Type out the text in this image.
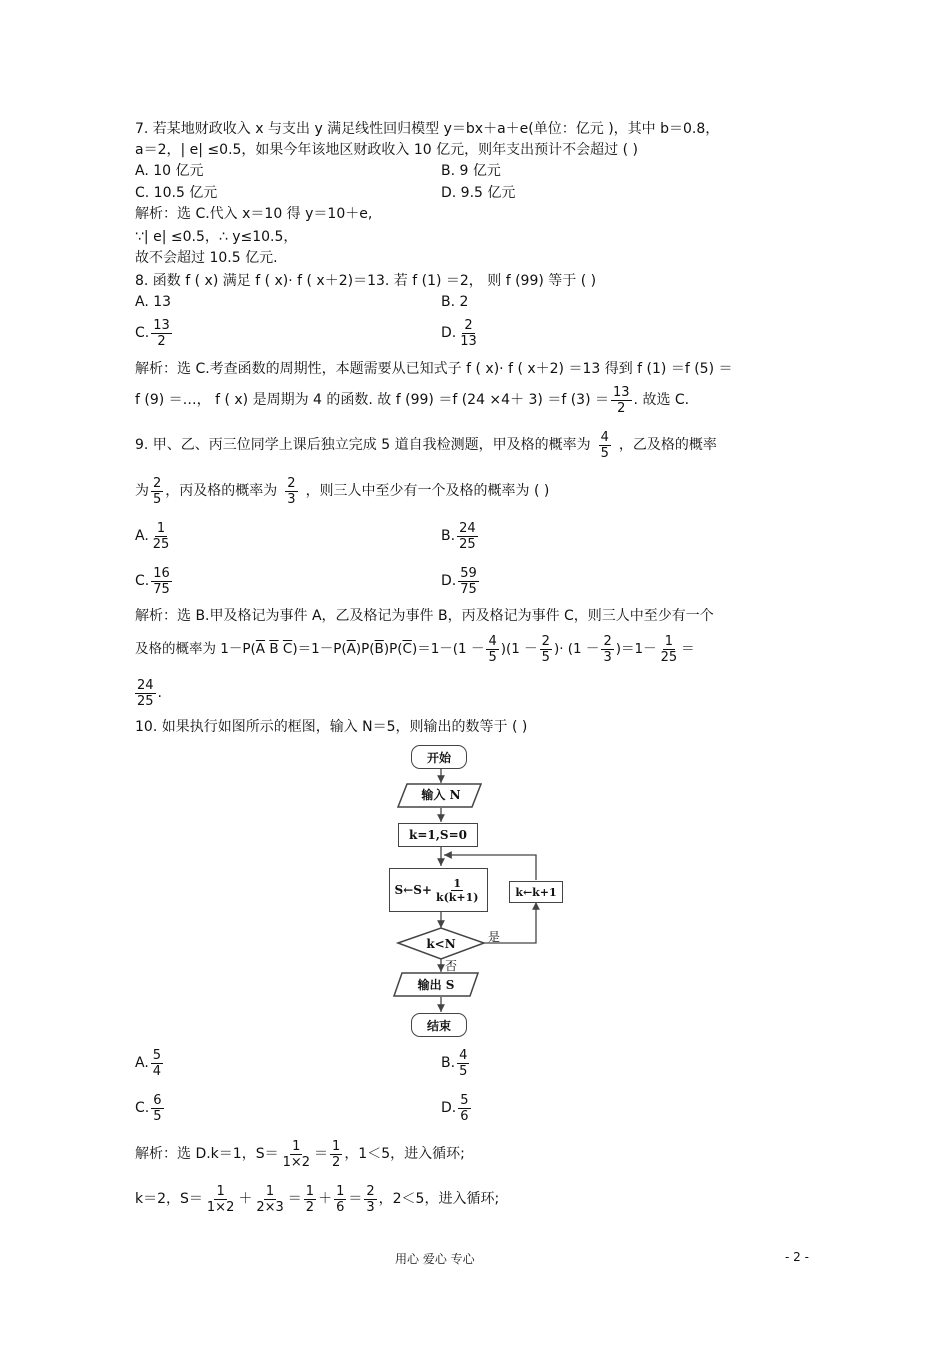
7. 若某地财政收入 x 与支出 y 满足线性回归模型 y＝bx＋a＋e(单位：亿元 )，其中 b＝0.8，
a＝2，| e| ≤0.5，如果今年该地区财政收入 10 亿元，则年支出预计不会超过 ( )
A. 10 亿元	B. 9 亿元
C. 10.5 亿元	D. 9.5 亿元
解析：选 C.代入 x＝10 得 y＝10＋e,
∵| e| ≤0.5，∴ y≤10.5，
故不会超过 10.5 亿元.
8. 函数 f ( x) 满足 f ( x)· f ( x＋2)＝13. 若 f (1) ＝2， 则 f (99) 等于 ( )
A. 13	B. 2
C. $\frac{13}{2}$	D. $\frac{2}{13}$
解析：选 C.考查函数的周期性，本题需要从已知式子 f ( x)· f ( x＋2) ＝13 得到 f (1) ＝f (5) ＝
f (9) ＝…， f ( x) 是周期为 4 的函数. 故 f (99) ＝f (24 ×4＋ 3) ＝f $(3) = \frac{13}{2}$ . 故选 C.
9. 甲、乙、丙三位同学上课后独立完成 5 道自我检测题，甲及格的概率为 $\frac{4}{5}$ ，乙及格的概率
为 $\frac{2}{5}$ ，丙及格的概率为 $\frac{2}{3}$ ，则三人中至少有一个及格的概率为 ( )
A. $\frac{1}{25}$	B. $\frac{24}{25}$
C. $\frac{16}{75}$	D. $\frac{59}{75}$
解析：选 B.甲及格记为事件 A，乙及格记为事件 B，丙及格记为事件 C，则三人中至少有一个
及格的概率为 $1-P(\overline{A}$ $\overline{B}$ $\overline{C})=1-P(\overline{A})P(\overline{B})P(\overline{C})=1-(1 - \frac{4}{5} )(1 - \frac{2}{5}$ )· $(1 - \frac{2}{3} )=1- \frac{1}{25}$ ＝
$\frac{24}{25}$ .
10. 如果执行如图所示的框图，输入 N＝5，则输出的数等于 ( )
开始
输入 N
k=1,S=0
S←S+ $\frac{1}{k(k+1)}$	k←k+1
k<N	是
否
输出 S
结束
A. $\frac{5}{4}$	B. $\frac{4}{5}$
C. $\frac{6}{5}$	D. $\frac{5}{6}$
解析：选 D.k＝1，$S= \frac{1}{1\times 2} = \frac{1}{2}$ ，1＜5，进入循环;
k＝2，$S= \frac{1}{1\times 2} + \frac{1}{2\times 3} = \frac{1}{2} + \frac{1}{6} = \frac{2}{3}$ ，2＜5，进入循环;
用心 爱心 专心	- 2 -
